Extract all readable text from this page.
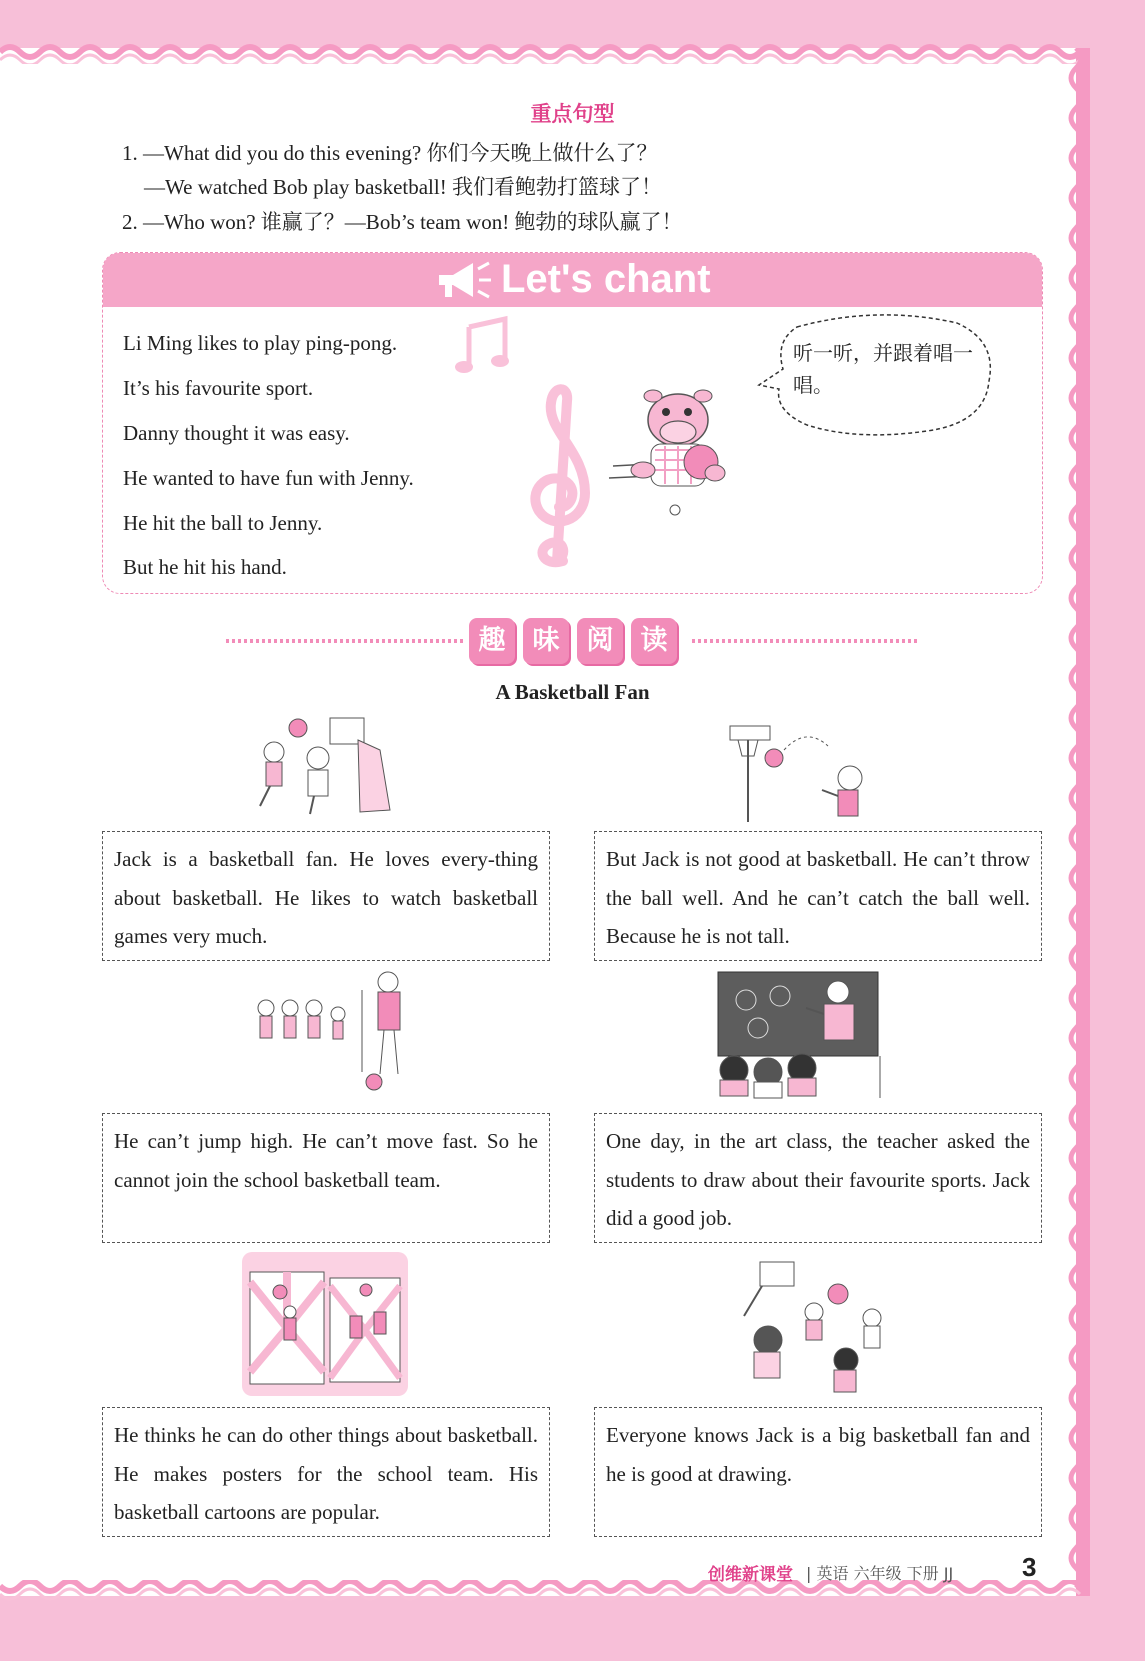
重点句型
1. —What did you do this evening? 你们今天晚上做什么了？
—We watched Bob play basketball! 我们看鲍勃打篮球了！
2. —Who won? 谁赢了？—Bob’s team won! 鲍勃的球队赢了！
Let's chant
Li Ming likes to play ping-pong.
It’s his favourite sport.
Danny thought it was easy.
He wanted to have fun with Jenny.
He hit the ball to Jenny.
But he hit his hand.
听一听，并跟着唱一唱。
趣	味	阅	读
A Basketball Fan
Jack is a basketball fan. He loves every-thing about basketball. He likes to watch basketball games very much.
But Jack is not good at basketball. He can’t throw the ball well. And he can’t catch the ball well. Because he is not tall.
He can’t jump high. He can’t move fast. So he cannot join the school basketball team.
One day, in the art class, the teacher asked the students to draw about their favourite sports. Jack did a good job.
He thinks he can do other things about basketball. He makes posters for the school team. His basketball cartoons are popular.
Everyone knows Jack is a big basketball fan and he is good at drawing.
创维新课堂 | 英语 六年级 下册 JJ	3
